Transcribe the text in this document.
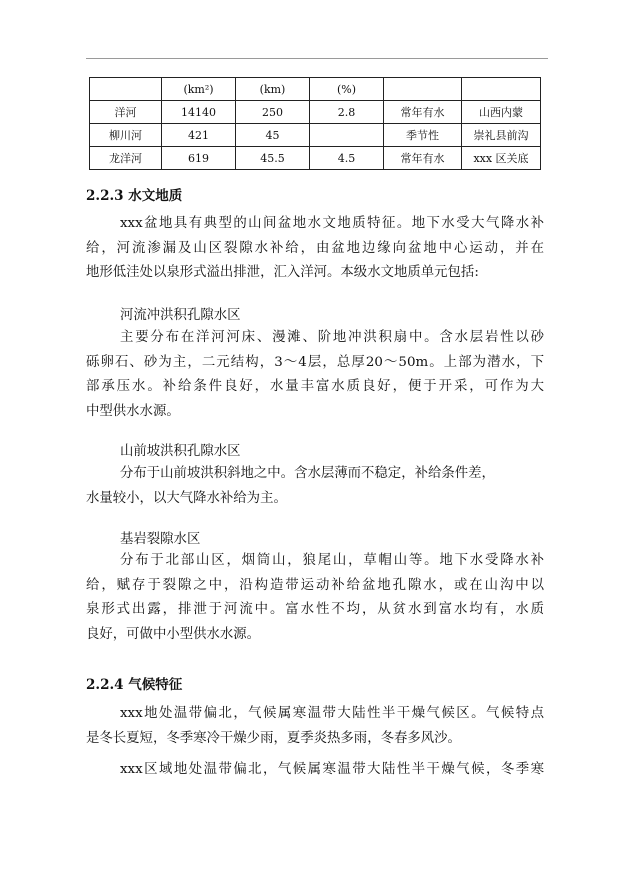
	(km²)	(km)	(%)		
洋河	14140	250	2.8	常年有水	山西内蒙
柳川河	421	45		季节性	崇礼县前沟
龙洋河	619	45.5	4.5	常年有水	xxx 区关底
2.2.3 水文地质
xxx盆地具有典型的山间盆地水文地质特征。地下水受大气降水补
给，河流渗漏及山区裂隙水补给，由盆地边缘向盆地中心运动，并在
地形低洼处以泉形式溢出排泄，汇入洋河。本级水文地质单元包括:
河流冲洪积孔隙水区
主要分布在洋河河床、漫滩、阶地冲洪积扇中。含水层岩性以砂
砾卵石、砂为主，二元结构，3～4层，总厚20～50m。上部为潜水，下
部承压水。补给条件良好，水量丰富水质良好，便于开采，可作为大
中型供水水源。
山前坡洪积孔隙水区
分布于山前坡洪积斜地之中。含水层薄而不稳定，补给条件差，
水量较小，以大气降水补给为主。
基岩裂隙水区
分布于北部山区，烟筒山，狼尾山，草帽山等。地下水受降水补
给，赋存于裂隙之中，沿构造带运动补给盆地孔隙水，或在山沟中以
泉形式出露，排泄于河流中。富水性不均，从贫水到富水均有，水质
良好，可做中小型供水水源。
2.2.4 气候特征
xxx地处温带偏北，气候属寒温带大陆性半干燥气候区。气候特点
是冬长夏短，冬季寒冷干燥少雨，夏季炎热多雨，冬春多风沙。
xxx区域地处温带偏北，气候属寒温带大陆性半干燥气候，冬季寒
